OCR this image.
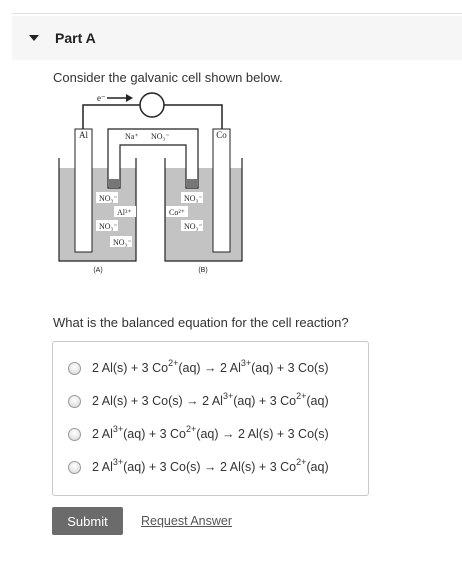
Part A
Consider the galvanic cell shown below.
e⁻
Al	Co
Na⁺ NO₃⁻
NO₃⁻
Al³⁺
NO₃⁻
NO₃⁻
NO₃⁻
Co²⁺
NO₃⁻
(A)	(B)
What is the balanced equation for the cell reaction?
2 Al(s) + 3 $Co^{2+}(aq) \to 2$ $Al^{3+}(aq) + 3$ Co(s)
2 Al(s) + 3 Co(s) → 2 $Al^{3+}(aq) + 3$ $Co^{2+}(aq)$
2 $Al^{3+}(aq) + 3$ $Co^{2+}(aq) \to 2$ Al(s) + 3 Co(s)
2 $Al^{3+}(aq) + 3$ Co(s) → 2 Al(s) + 3 $Co^{2+}(aq)$
Submit	Request Answer
